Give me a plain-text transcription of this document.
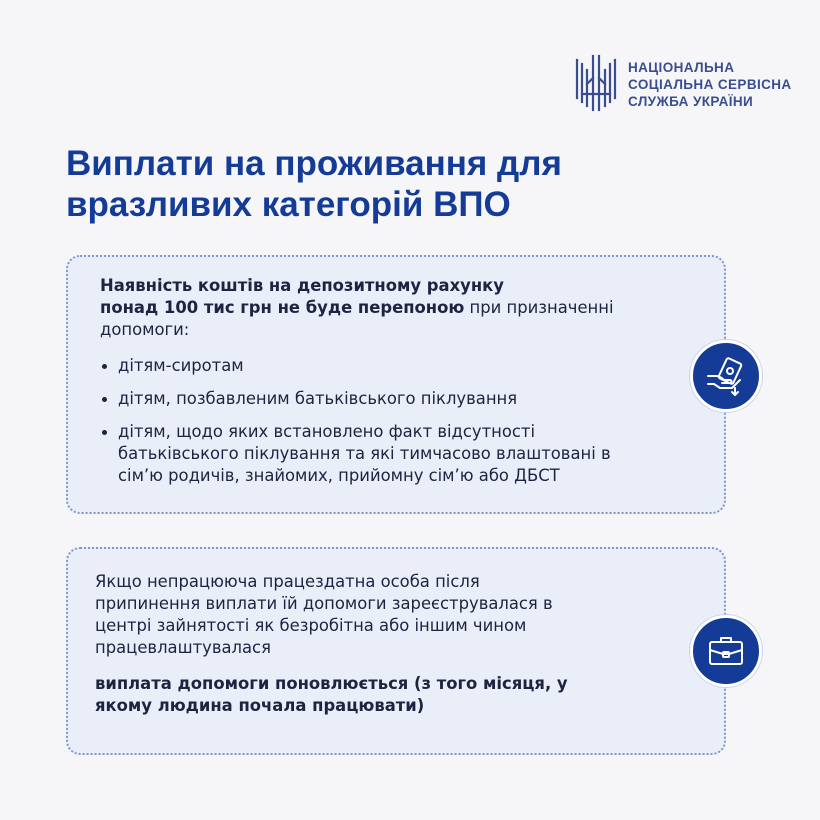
НАЦІОНАЛЬНА
СОЦІАЛЬНА СЕРВІСНА
СЛУЖБА УКРАЇНИ
Виплати на проживання для
вразливих категорій ВПО
Наявність коштів на депозитному рахунку
понад 100 тис грн не буде перепоною при призначенні
допомоги:
дітям-сиротам
дітям, позбавленим батьківського піклування
дітям, щодо яких встановлено факт відсутності
батьківського піклування та які тимчасово влаштовані в
сім’ю родичів, знайомих, прийомну сім’ю або ДБСТ
Якщо непрацююча працездатна особа після
припинення виплати їй допомоги зареєструвалася в
центрі зайнятості як безробітна або іншим чином
працевлаштувалася
виплата допомоги поновлюється (з того місяця, у
якому людина почала працювати)
